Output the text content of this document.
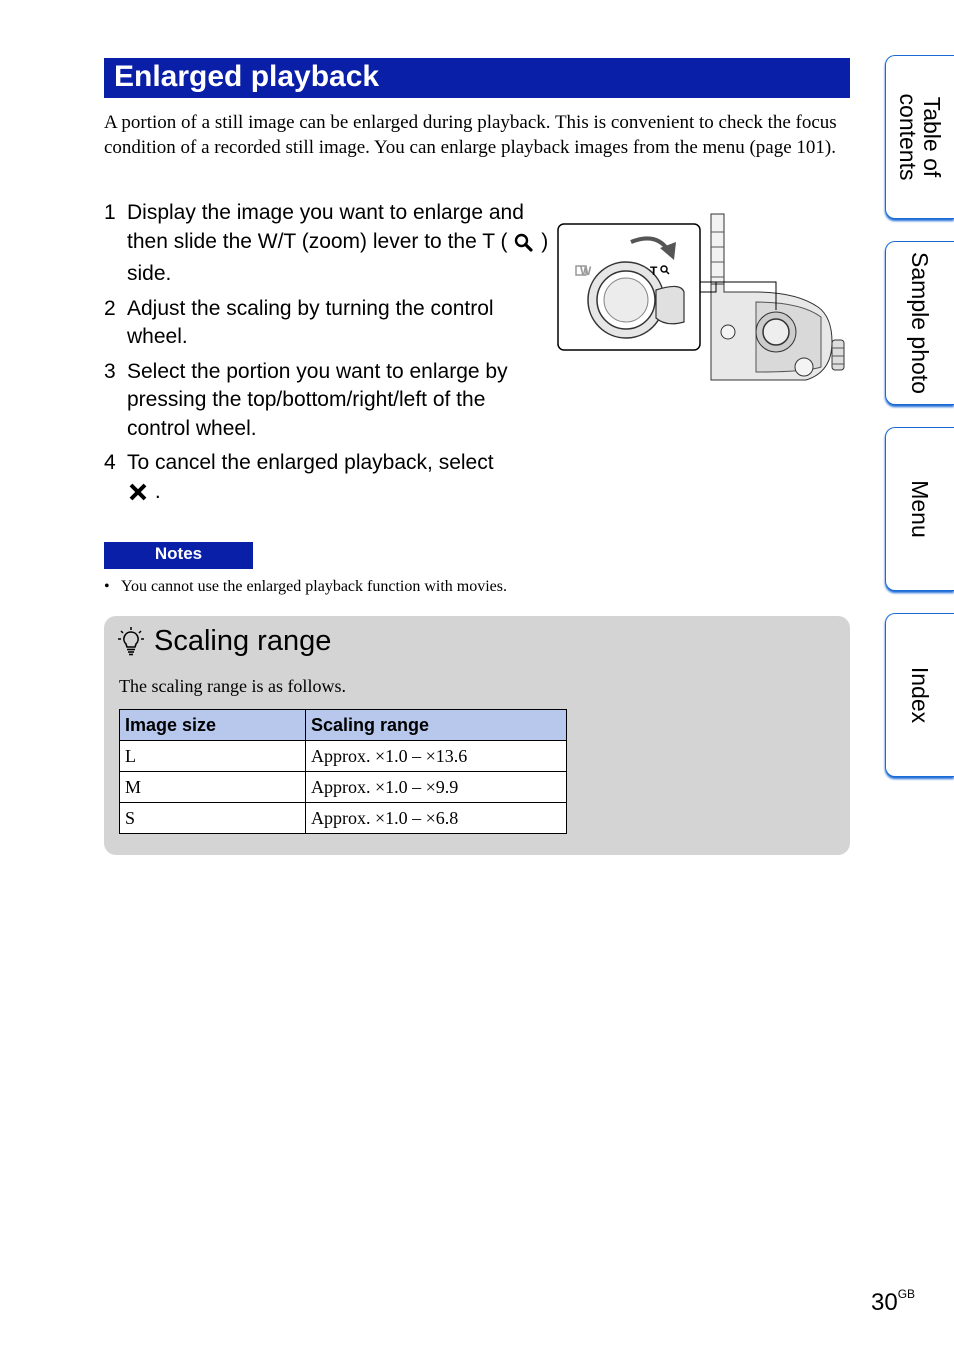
Enlarged playback

A portion of a still image can be enlarged during playback. This is convenient to check the focus condition of a recorded still image. You can enlarge playback images from the menu (page 101).

1 Display the image you want to enlarge and then slide the W/T (zoom) lever to the T ( ) side.
2 Adjust the scaling by turning the control wheel.
3 Select the portion you want to enlarge by pressing the top/bottom/right/left of the control wheel.
4 To cancel the enlarged playback, select
.
W	T
Notes

• You cannot use the enlarged playback function with movies.

Scaling range

The scaling range is as follows.

Image size	Scaling range
L	Approx. ×1.0 – ×13.6
M	Approx. ×1.0 – ×9.9
S	Approx. ×1.0 – ×6.8
Table of
contents
Sample photo
Menu
Index
$30^{GB}$
